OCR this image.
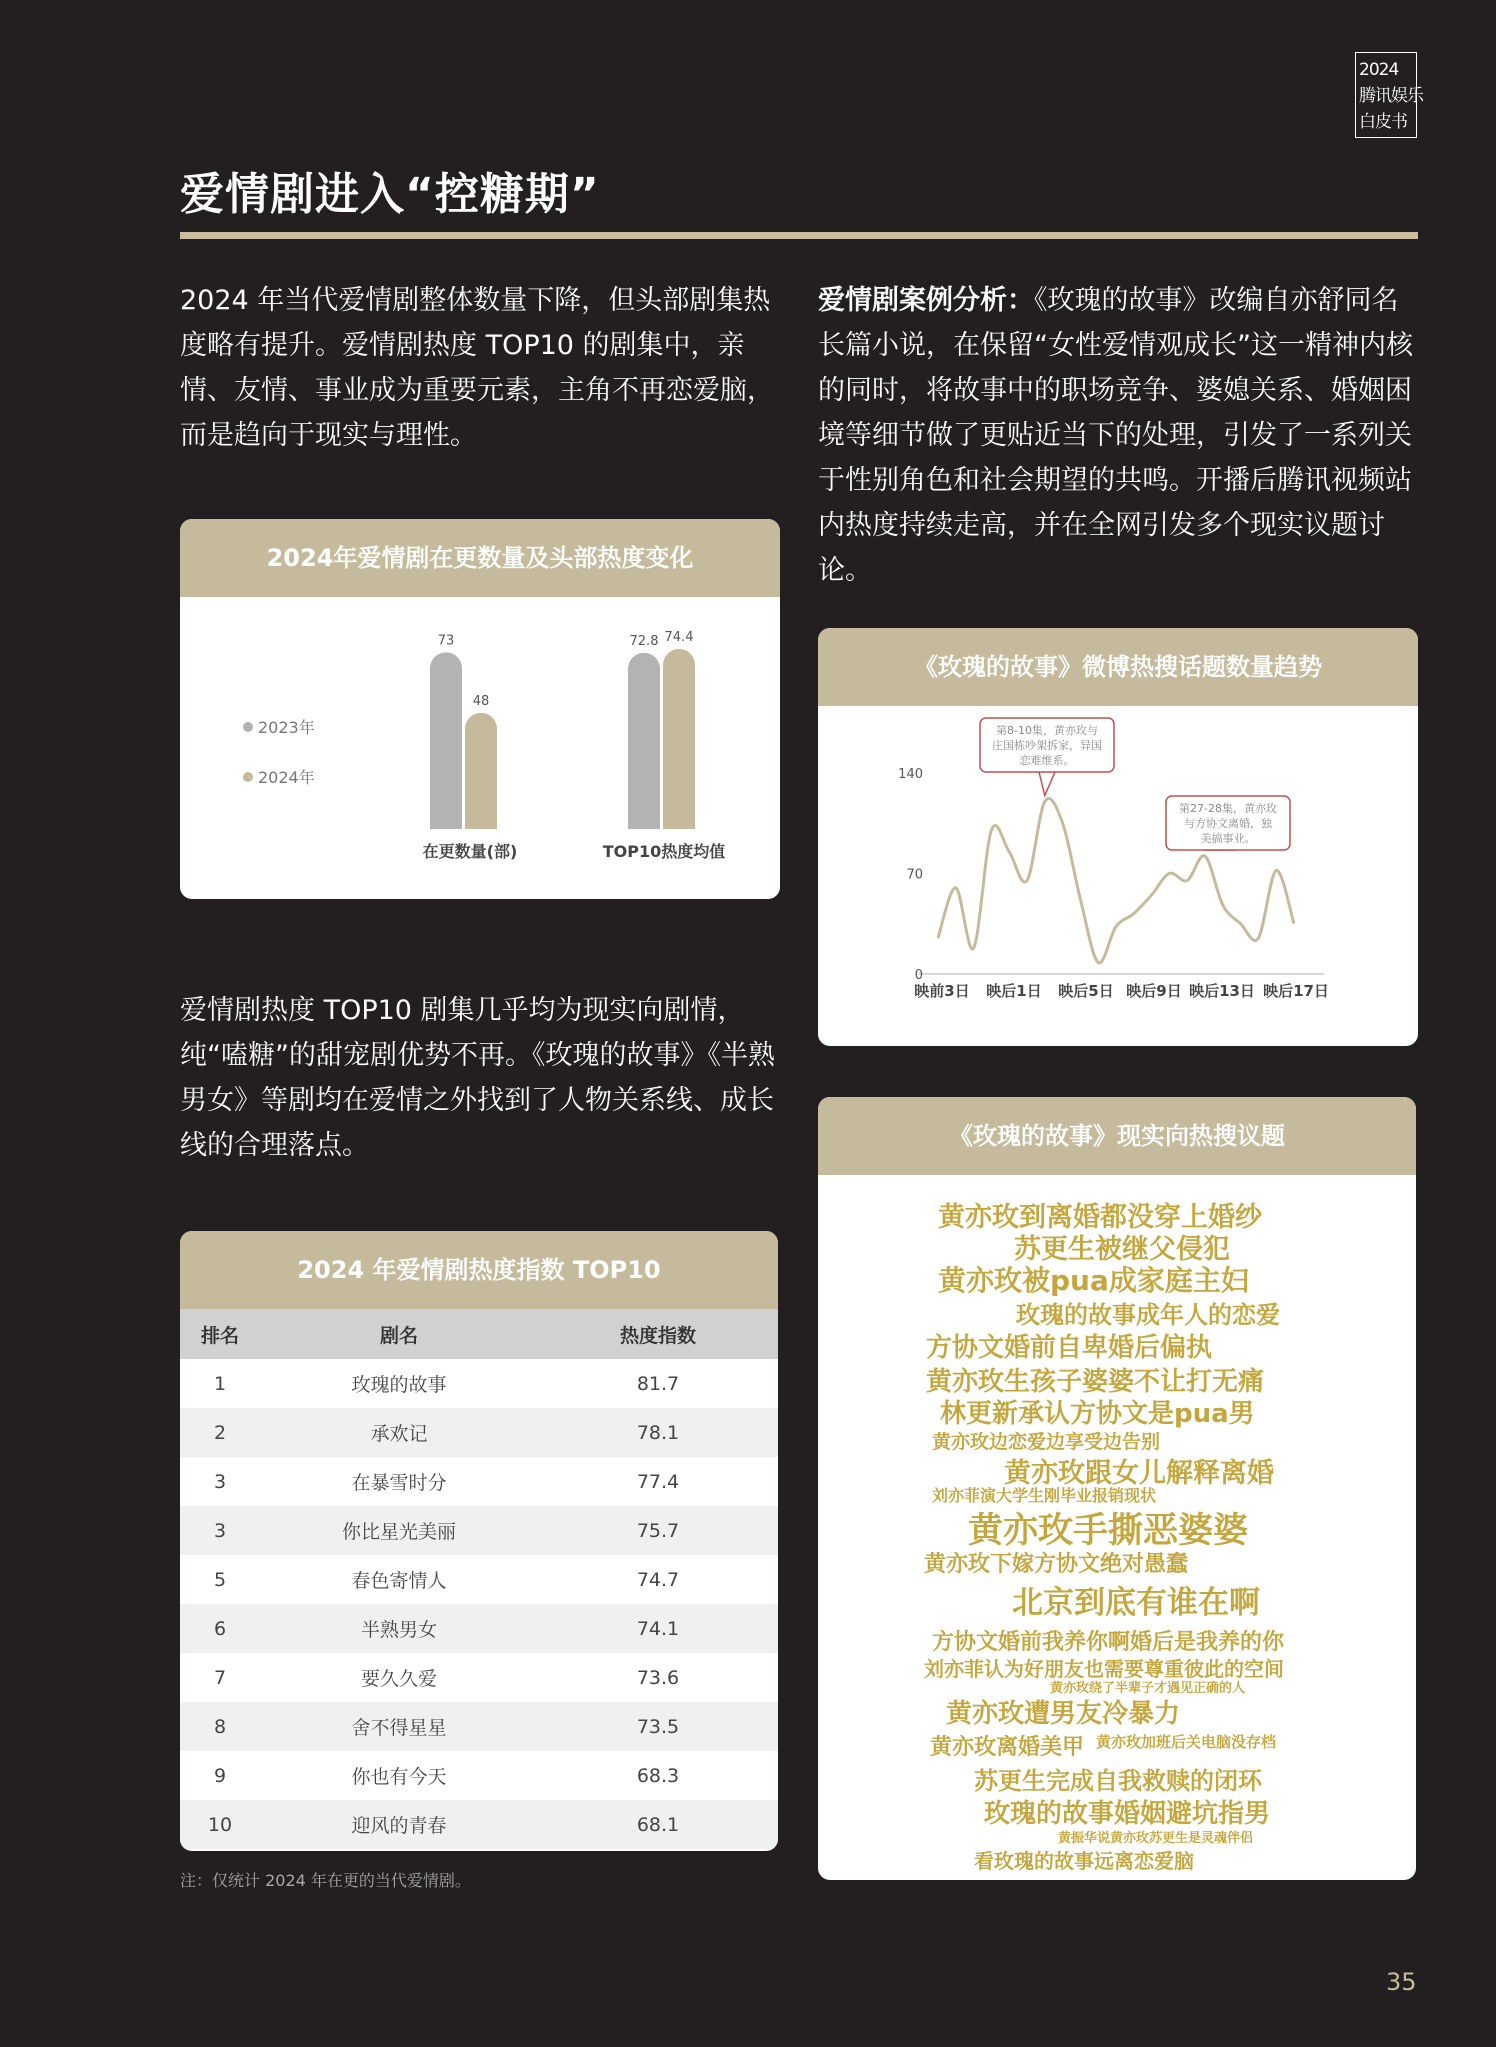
2024
腾讯娱乐
白皮书
爱情剧进入“控糖期”
2024 年当代爱情剧整体数量下降，但头部剧集热度略有提升。爱情剧热度 TOP10 的剧集中，亲情、友情、事业成为重要元素，主角不再恋爱脑，而是趋向于现实与理性。
爱情剧案例分析：《玫瑰的故事》改编自亦舒同名长篇小说，在保留“女性爱情观成长”这一精神内核的同时，将故事中的职场竞争、婆媳关系、婚姻困境等细节做了更贴近当下的处理，引发了一系列关于性别角色和社会期望的共鸣。开播后腾讯视频站内热度持续走高，并在全网引发多个现实议题讨论。
2024年爱情剧在更数量及头部热度变化
2023年
2024年
在更数量(部)	TOP10热度均值
73
48
72.8 74.4
爱情剧热度 TOP10 剧集几乎均为现实向剧情，纯“嗑糖”的甜宠剧优势不再。《玫瑰的故事》《半熟男女》等剧均在爱情之外找到了人物关系线、成长线的合理落点。
2024 年爱情剧热度指数 TOP10
排名	剧名	热度指数
1	玫瑰的故事	81.7
2	承欢记	78.1
3	在暴雪时分	77.4
3	你比星光美丽	75.7
5	春色寄情人	74.7
6	半熟男女	74.1
7	要久久爱	73.6
8	舍不得星星	73.5
9	你也有今天	68.3
10	迎风的青春	68.1
《玫瑰的故事》微博热搜话题数量趋势
0
70
140
映前3日 映后1日 映后5日 映后9日 映后13日 映后17日
第8-10集，黄亦玫与
庄国栋吵架拆家，异国
恋难维系。
第27-28集，黄亦玫
与方协文离婚，独
美搞事业。
《玫瑰的故事》现实向热搜议题
黄亦玫到离婚都没穿上婚纱
苏更生被继父侵犯
黄亦玫被pua成家庭主妇
玫瑰的故事成年人的恋爱
方协文婚前自卑婚后偏执
黄亦玫生孩子婆婆不让打无痛
林更新承认方协文是pua男
黄亦玫边恋爱边享受边告别
黄亦玫跟女儿解释离婚
刘亦菲演大学生刚毕业报销现状
黄亦玫手撕恶婆婆
黄亦玫下嫁方协文绝对愚蠢
北京到底有谁在啊
方协文婚前我养你啊婚后是我养的你
刘亦菲认为好朋友也需要尊重彼此的空间
黄亦玫绕了半辈子才遇见正确的人
黄亦玫遭男友冷暴力
黄亦玫离婚美甲 黄亦玫加班后关电脑没存档
苏更生完成自我救赎的闭环
玫瑰的故事婚姻避坑指男
黄振华说黄亦玫苏更生是灵魂伴侣
看玫瑰的故事远离恋爱脑
注：仅统计 2024 年在更的当代爱情剧。
35
